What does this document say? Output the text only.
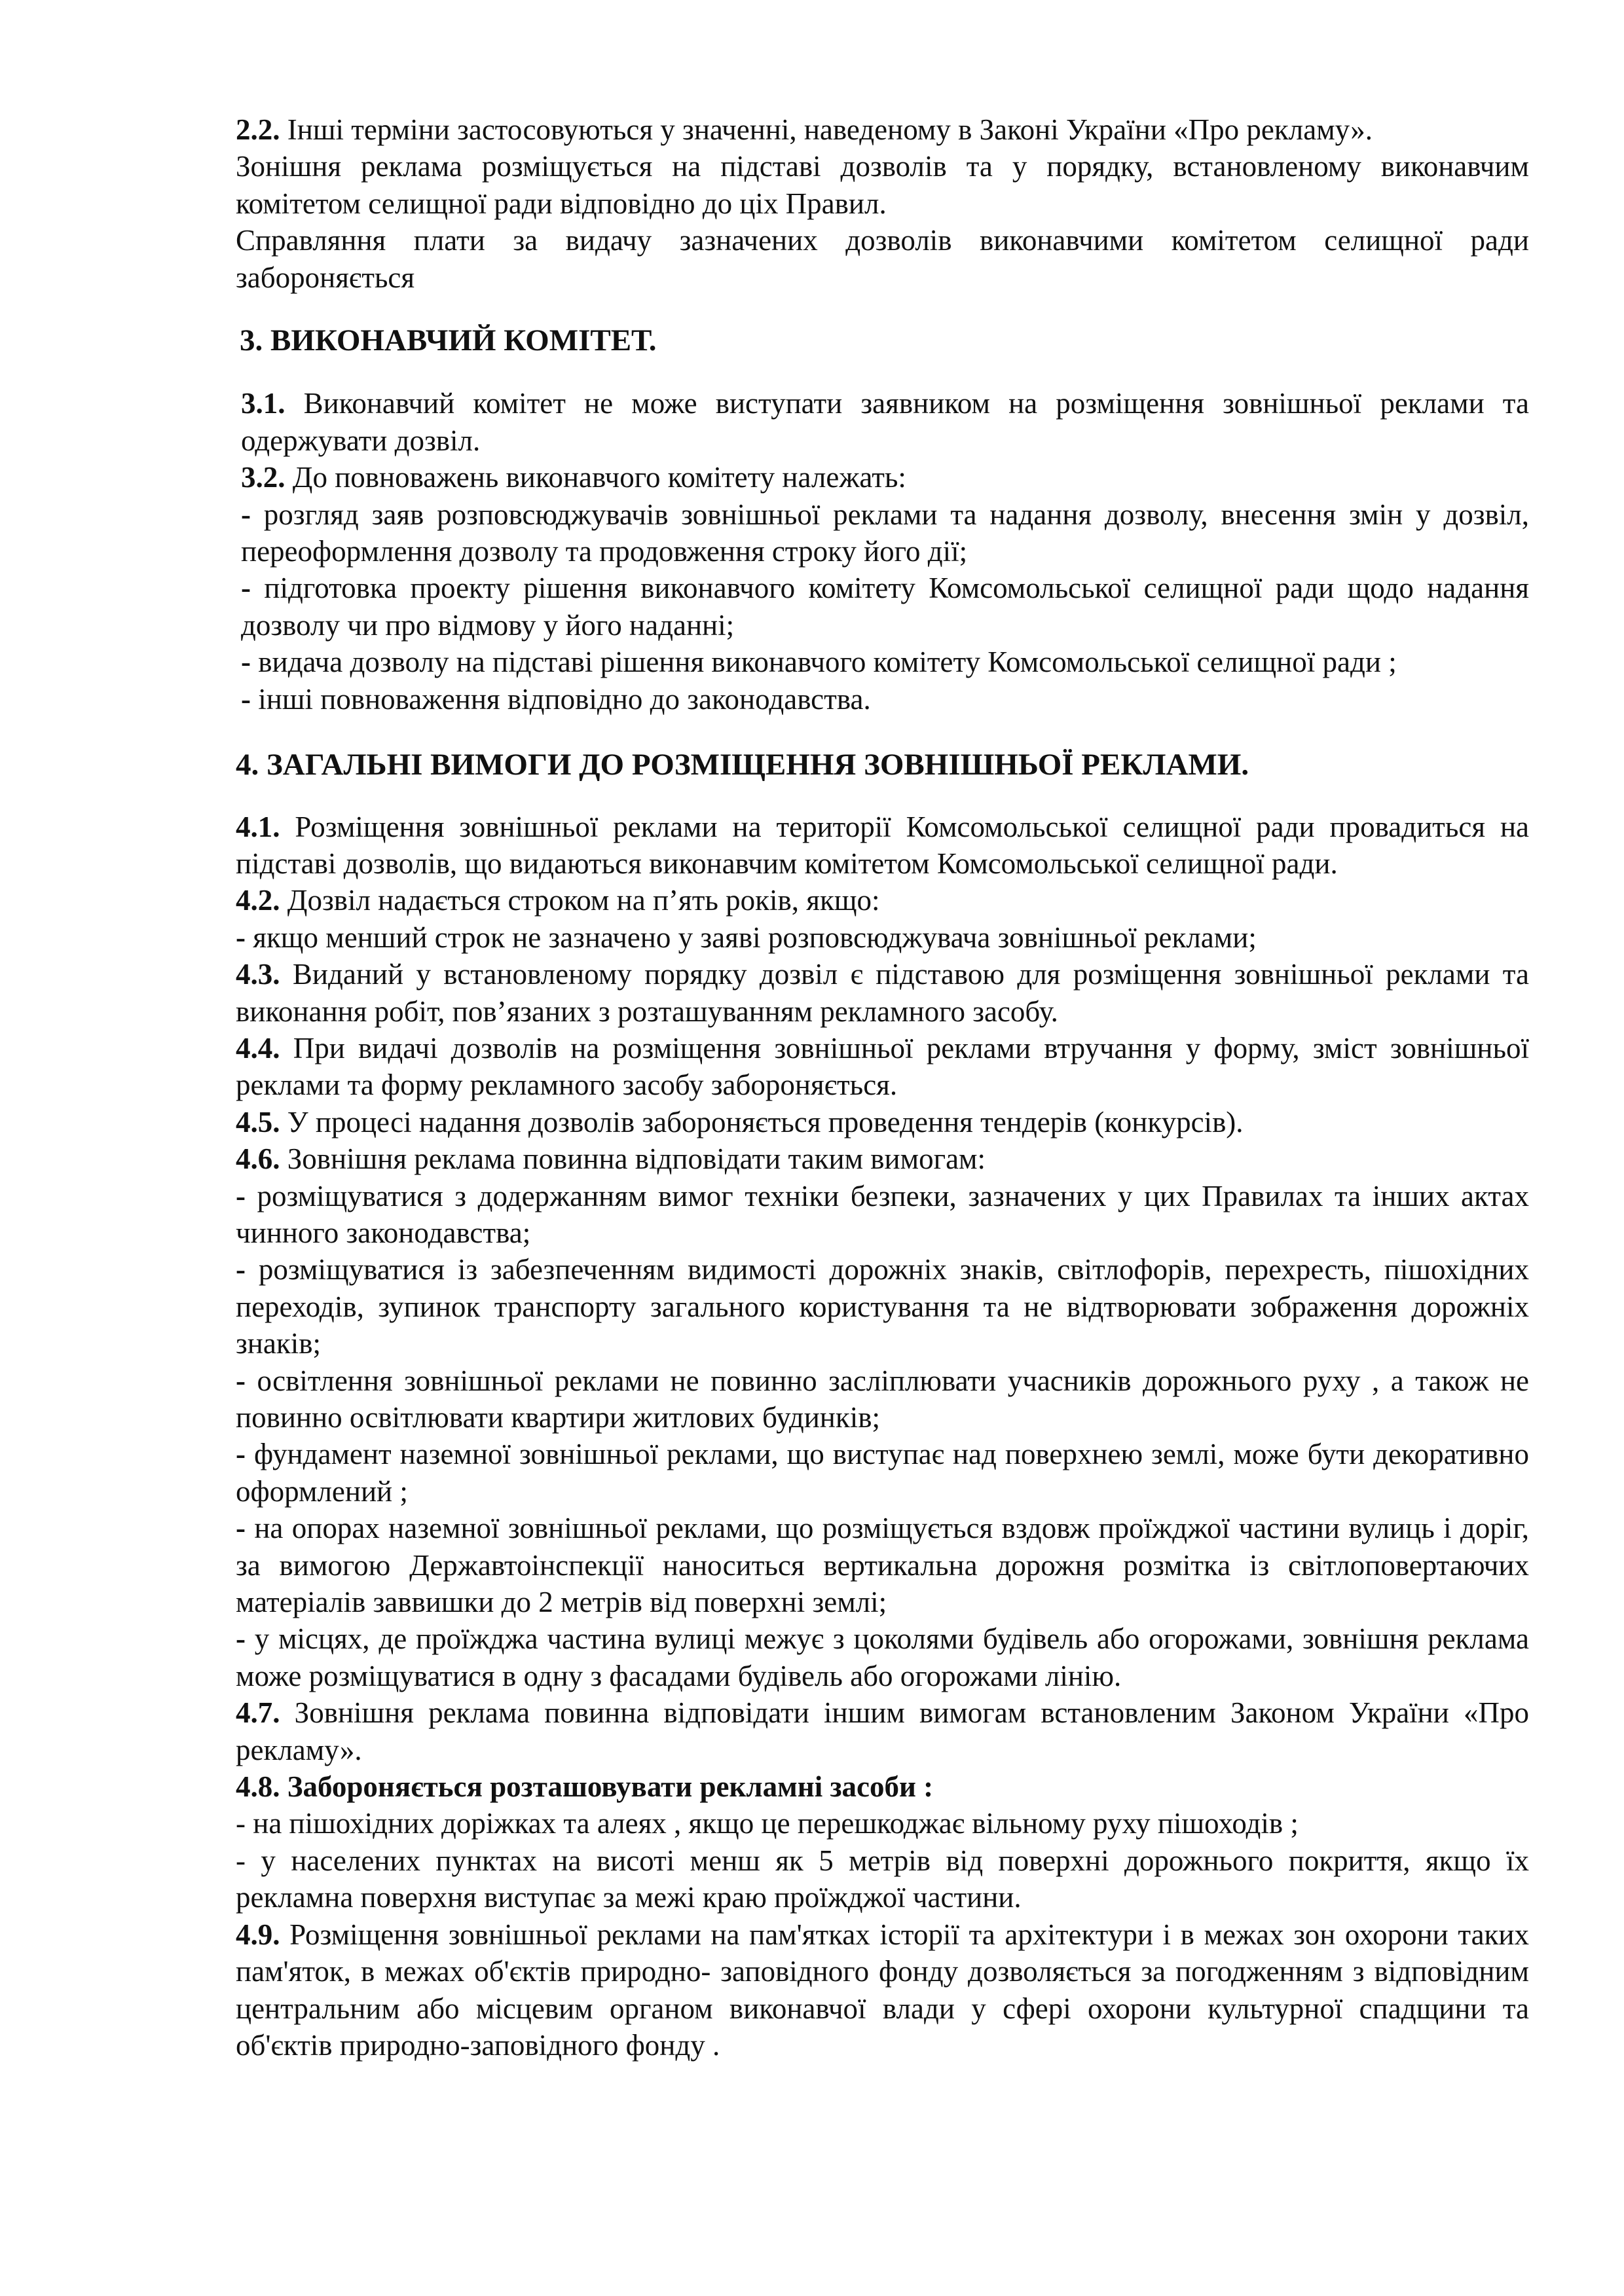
2.2. Інші терміни застосовуються у значенні, наведеному в Законі України «Про рекламу».

Зонішня реклама розміщується на підставі дозволів та у порядку, встановленому виконавчим комітетом селищної ради відповідно до ціх Правил.

Справляння плати за видачу зазначених дозволів виконавчими комітетом селищної ради забороняється

3. ВИКОНАВЧИЙ КОМІТЕТ.

3.1. Виконавчий комітет не може виступати заявником на розміщення зовнішньої реклами та одержувати дозвіл.

3.2. До повноважень виконавчого комітету належать:

- розгляд заяв розповсюджувачів зовнішньої реклами та надання дозволу, внесення змін у дозвіл, переоформлення дозволу та продовження строку його дії;

- підготовка проекту рішення виконавчого комітету Комсомольської селищної ради щодо надання дозволу чи про відмову у його наданні;

- видача дозволу на підставі рішення виконавчого комітету Комсомольської селищної ради ;

- інші повноваження відповідно до законодавства.

4. ЗАГАЛЬНІ ВИМОГИ ДО РОЗМІЩЕННЯ ЗОВНІШНЬОЇ РЕКЛАМИ.

4.1. Розміщення зовнішньої реклами на території Комсомольської селищної ради провадиться на підставі дозволів, що видаються виконавчим комітетом Комсомольської селищної ради.

4.2. Дозвіл надається строком на п’ять років, якщо:

- якщо менший строк не зазначено у заяві розповсюджувача зовнішньої реклами;

4.3. Виданий у встановленому порядку дозвіл є підставою для розміщення зовнішньої реклами та виконання робіт, пов’язаних з розташуванням рекламного засобу.

4.4. При видачі дозволів на розміщення зовнішньої реклами втручання у форму, зміст зовнішньої реклами та форму рекламного засобу забороняється.

4.5. У процесі надання дозволів забороняється проведення тендерів (конкурсів).

4.6. Зовнішня реклама повинна відповідати таким вимогам:

- розміщуватися з додержанням вимог техніки безпеки, зазначених у цих Правилах та інших актах чинного законодавства;

- розміщуватися із забезпеченням видимості дорожніх знаків, світлофорів, перехресть, пішохідних переходів, зупинок транспорту загального користування та не відтворювати зображення дорожніх знаків;

- освітлення зовнішньої реклами не повинно засліплювати учасників дорожнього руху , а також не повинно освітлювати квартири житлових будинків;

- фундамент наземної зовнішньої реклами, що виступає над поверхнею землі, може бути декоративно оформлений ;

- на опорах наземної зовнішньої реклами, що розміщується вздовж проїжджої частини вулиць і доріг, за вимогою Державтоінспекції наноситься вертикальна дорожня розмітка із світлоповертаючих матеріалів заввишки до 2 метрів від поверхні землі;

- у місцях, де проїжджа частина вулиці межує з цоколями будівель або огорожами, зовнішня реклама може розміщуватися в одну з фасадами будівель або огорожами лінію.

4.7. Зовнішня реклама повинна відповідати іншим вимогам встановленим Законом України «Про рекламу».

4.8. Забороняється розташовувати рекламні засоби :

- на пішохідних доріжках та алеях , якщо це перешкоджає вільному руху пішоходів ;

- у населених пунктах на висоті менш як 5 метрів від поверхні дорожнього покриття, якщо їх рекламна поверхня виступає за межі краю проїжджої частини.

4.9. Розміщення зовнішньої реклами на пам'ятках історії та архітектури і в межах зон охорони таких пам'яток, в межах об'єктів природно- заповідного фонду дозволяється за погодженням з відповідним центральним або місцевим органом виконавчої влади у сфері охорони культурної спадщини та об'єктів природно-заповідного фонду .
